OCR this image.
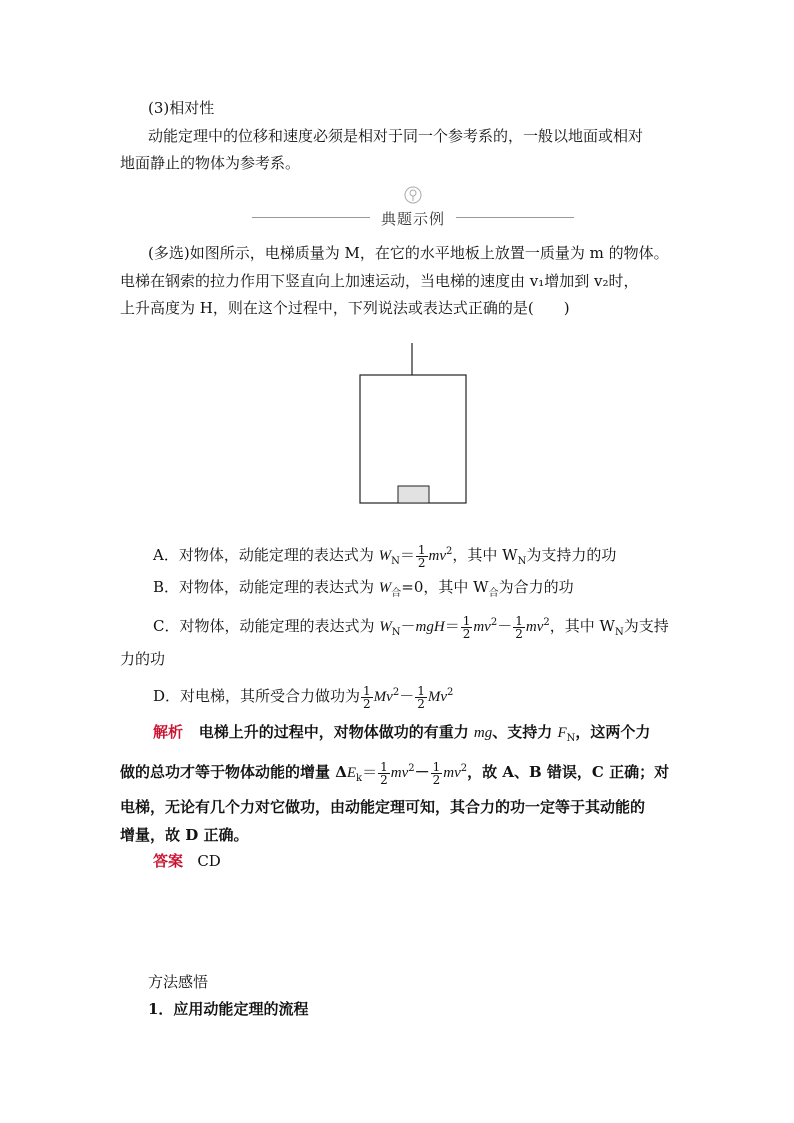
(3)相对性
动能定理中的位移和速度必须是相对于同一个参考系的，一般以地面或相对
地面静止的物体为参考系。
典题示例
(多选)如图所示，电梯质量为 M，在它的水平地板上放置一质量为 m 的物体。
电梯在钢索的拉力作用下竖直向上加速运动，当电梯的速度由 v₁增加到 v₂时，
上升高度为 H，则在这个过程中，下列说法或表达式正确的是(　　)
A．对物体，动能定理的表达式为 $W_N= \frac{1}{2} mv^2$，其中 $W_N$为支持力的功
B．对物体，动能定理的表达式为 $W_合=0$，其中 $W_合$为合力的功
C．对物体，动能定理的表达式为 $W_N-mgH= \frac{1}{2} mv^2- \frac{1}{2} mv^2$，其中 $W_N$为支持
力的功
D．对电梯，其所受合力做功为 $\frac{1}{2} Mv^2- \frac{1}{2} Mv^2$
解析 电梯上升的过程中，对物体做功的有重力 mg、支持力 $F_N$，这两个力
做的总功才等于物体动能的增量 $\Delta E_k= \frac{1}{2} mv^2- \frac{1}{2} mv^2$，故 A、B 错误，C 正确；对
电梯，无论有几个力对它做功，由动能定理可知，其合力的功一定等于其动能的
增量，故 D 正确。
答案 CD
方法感悟
1．应用动能定理的流程
